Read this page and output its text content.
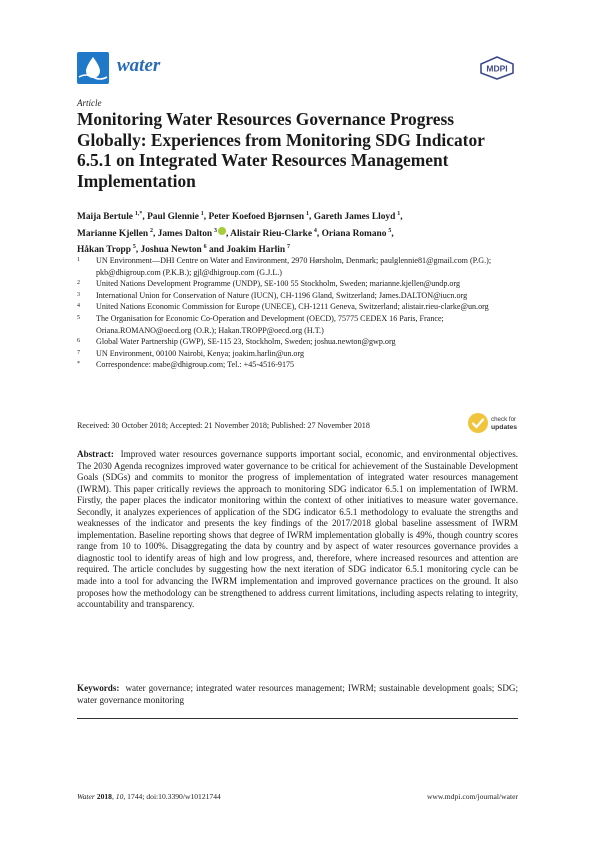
water	MDPI
Article
Monitoring Water Resources Governance Progress Globally: Experiences from Monitoring SDG Indicator 6.5.1 on Integrated Water Resources Management Implementation
Maija Bertule  $^{1,*}$, Paul Glennie  $^1$, Peter Koefoed Bjørnsen  $^1$, Gareth James Lloyd  $^1$,
Marianne Kjellen  $^2$, James Dalton  $^3$ , Alistair Rieu-Clarke  $^4$, Oriana Romano  $^5$,
Håkan Tropp  $^5$, Joshua Newton  $^6$ and Joakim Harlin  $^7$
1	UN Environment—DHI Centre on Water and Environment, 2970 Hørsholm, Denmark; paulglennie81@gmail.com (P.G.); pkb@dhigroup.com (P.K.B.); gjl@dhigroup.com (G.J.L.)
2	United Nations Development Programme (UNDP), SE-100 55 Stockholm, Sweden; marianne.kjellen@undp.org
3	International Union for Conservation of Nature (IUCN), CH-1196 Gland, Switzerland; James.DALTON@iucn.org
4	United Nations Economic Commission for Europe (UNECE), CH-1211 Geneva, Switzerland; alistair.rieu-clarke@un.org
5	The Organisation for Economic Co-Operation and Development (OECD), 75775 CEDEX 16 Paris, France; Oriana.ROMANO@oecd.org (O.R.); Hakan.TROPP@oecd.org (H.T.)
6	Global Water Partnership (GWP), SE-115 23, Stockholm, Sweden; joshua.newton@gwp.org
7	UN Environment, 00100 Nairobi, Kenya; joakim.harlin@un.org
*	Correspondence: mabe@dhigroup.com; Tel.: +45-4516-9175
Received: 30 October 2018; Accepted: 21 November 2018; Published: 27 November 2018
check for
updates

Abstract: Improved water resources governance supports important social, economic, and environmental objectives. The 2030 Agenda recognizes improved water governance to be critical for achievement of the Sustainable Development Goals (SDGs) and commits to monitor the progress of implementation of integrated water resources management (IWRM). This paper critically reviews the approach to monitoring SDG indicator 6.5.1 on implementation of IWRM. Firstly, the paper places the indicator monitoring within the context of other initiatives to measure water governance. Secondly, it analyzes experiences of application of the SDG indicator 6.5.1 methodology to evaluate the strengths and weaknesses of the indicator and presents the key findings of the 2017/2018 global baseline assessment of IWRM implementation. Baseline reporting shows that degree of IWRM implementation globally is 49%, though country scores range from 10 to 100%. Disaggregating the data by country and by aspect of water resources governance provides a diagnostic tool to identify areas of high and low progress, and, therefore, where increased resources and attention are required. The article concludes by suggesting how the next iteration of SDG indicator 6.5.1 monitoring cycle can be made into a tool for advancing the IWRM implementation and improved governance practices on the ground. It also proposes how the methodology can be strengthened to address current limitations, including aspects relating to integrity, accountability and transparency.

Keywords: water governance; integrated water resources management; IWRM; sustainable development goals; SDG; water governance monitoring

Water 2018, 10, 1744; doi:10.3390/w10121744	www.mdpi.com/journal/water
